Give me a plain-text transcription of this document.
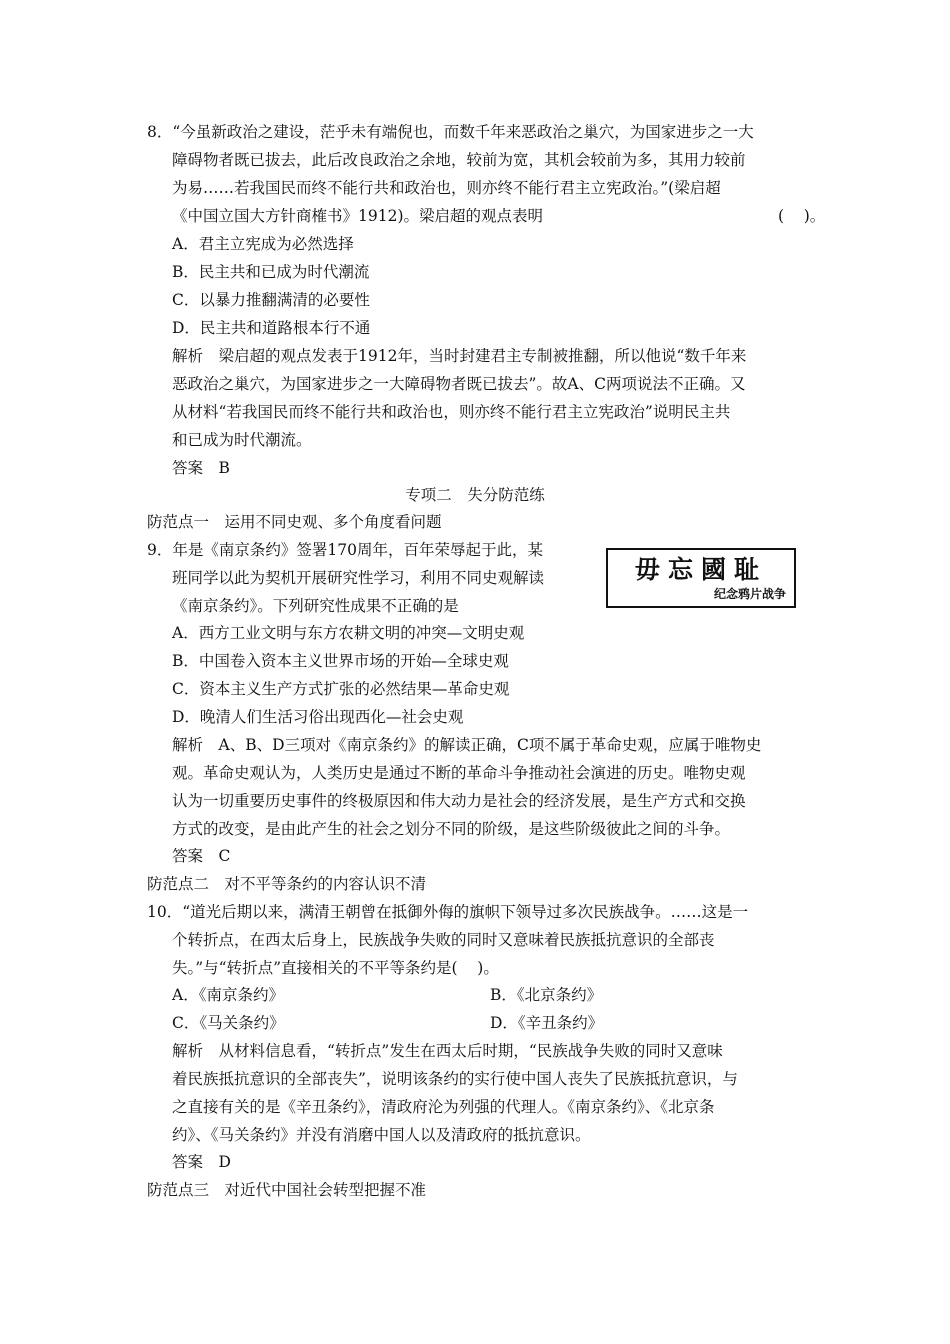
8．“今虽新政治之建设，茫乎未有端倪也，而数千年来恶政治之巢穴，为国家进步之一大
障碍物者既已拔去，此后改良政治之余地，较前为宽，其机会较前为多，其用力较前
为易……若我国民而终不能行共和政治也，则亦终不能行君主立宪政治。”(梁启超
《中国立国大方针商榷书》1912)。梁启超的观点表明	(    )。
A．君主立宪成为必然选择
B．民主共和已成为时代潮流
C．以暴力推翻满清的必要性
D．民主共和道路根本行不通
解析　梁启超的观点发表于1912年，当时封建君主专制被推翻，所以他说“数千年来
恶政治之巢穴，为国家进步之一大障碍物者既已拔去”。故A、C两项说法不正确。又
从材料“若我国民而终不能行共和政治也，则亦终不能行君主立宪政治”说明民主共
和已成为时代潮流。
答案　B
专项二　失分防范练
防范点一　运用不同史观、多个角度看问题
9．年是《南京条约》签署170周年，百年荣辱起于此，某
班同学以此为契机开展研究性学习，利用不同史观解读
《南京条约》。下列研究性成果不正确的是
毋忘國耻
纪念鸦片战争
A．西方工业文明与东方农耕文明的冲突—文明史观
B．中国卷入资本主义世界市场的开始—全球史观
C．资本主义生产方式扩张的必然结果—革命史观
D．晚清人们生活习俗出现西化—社会史观
解析　A、B、D三项对《南京条约》的解读正确，C项不属于革命史观，应属于唯物史
观。革命史观认为，人类历史是通过不断的革命斗争推动社会演进的历史。唯物史观
认为一切重要历史事件的终极原因和伟大动力是社会的经济发展，是生产方式和交换
方式的改变，是由此产生的社会之划分不同的阶级，是这些阶级彼此之间的斗争。
答案　C
防范点二　对不平等条约的内容认识不清
10．“道光后期以来，满清王朝曾在抵御外侮的旗帜下领导过多次民族战争。……这是一
个转折点，在西太后身上，民族战争失败的同时又意味着民族抵抗意识的全部丧
失。”与“转折点”直接相关的不平等条约是(    )。
A．《南京条约》	B．《北京条约》
C．《马关条约》	D．《辛丑条约》
解析　从材料信息看，“转折点”发生在西太后时期，“民族战争失败的同时又意味
着民族抵抗意识的全部丧失”，说明该条约的实行使中国人丧失了民族抵抗意识，与
之直接有关的是《辛丑条约》，清政府沦为列强的代理人。《南京条约》、《北京条
约》、《马关条约》并没有消磨中国人以及清政府的抵抗意识。
答案　D
防范点三　对近代中国社会转型把握不准
